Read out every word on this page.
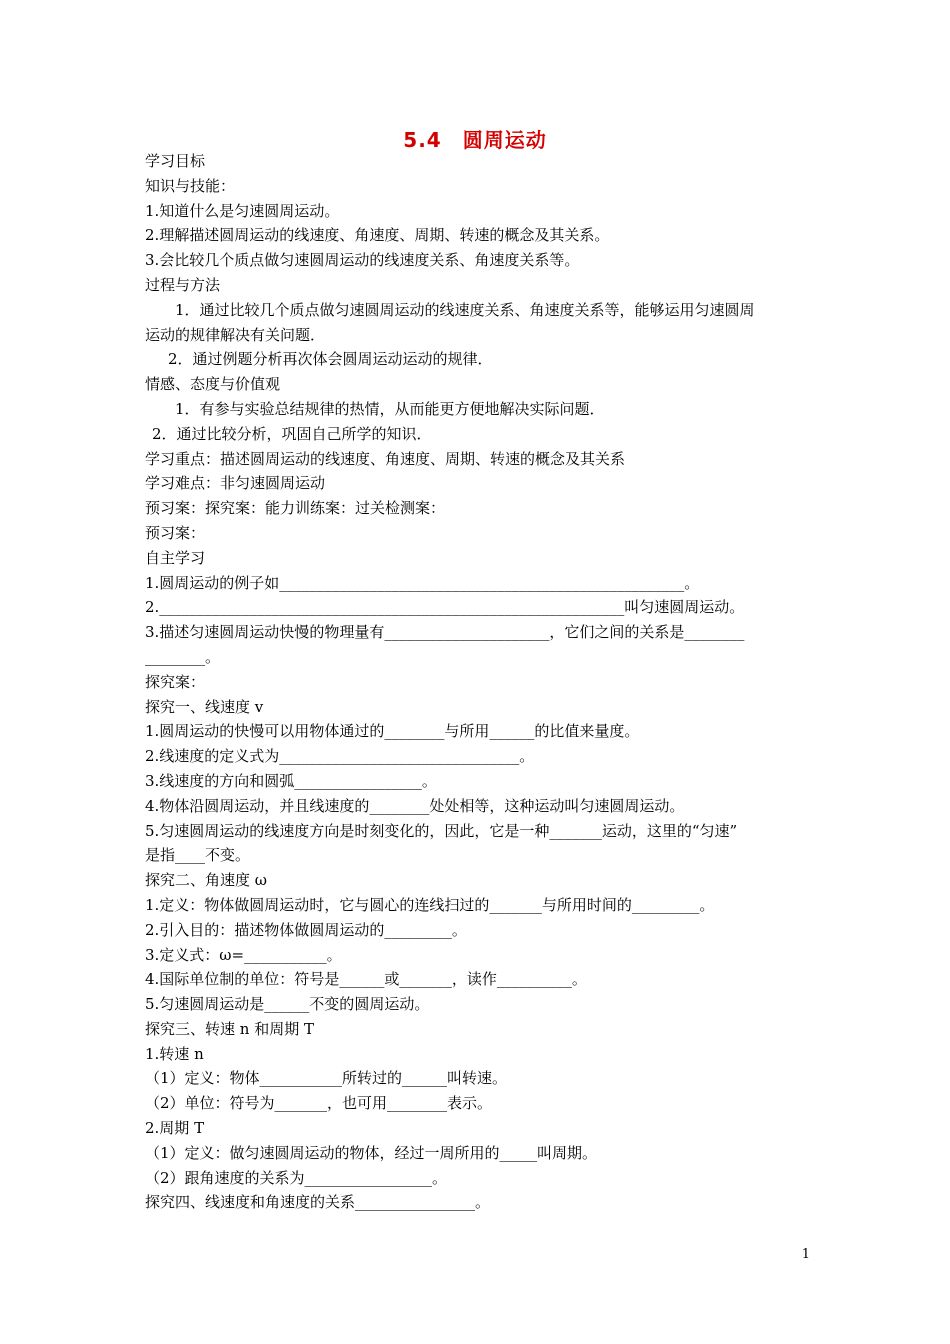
5.4　圆周运动
学习目标
知识与技能：
1.知道什么是匀速圆周运动。
2.理解描述圆周运动的线速度、角速度、周期、转速的概念及其关系。
3.会比较几个质点做匀速圆周运动的线速度关系、角速度关系等。
过程与方法
1．通过比较几个质点做匀速圆周运动的线速度关系、角速度关系等，能够运用匀速圆周
运动的规律解决有关问题．
2．通过例题分析再次体会圆周运动运动的规律．
情感、态度与价值观
1．有参与实验总结规律的热情，从而能更方便地解决实际问题．
2．通过比较分析，巩固自己所学的知识．
学习重点：描述圆周运动的线速度、角速度、周期、转速的概念及其关系
学习难点：非匀速圆周运动
预习案：探究案：能力训练案：过关检测案：
预习案：
自主学习
1.圆周运动的例子如______________________________________________________。
2.______________________________________________________________叫匀速圆周运动。
3.描述匀速圆周运动快慢的物理量有______________________，它们之间的关系是________
________。
探究案：
探究一、线速度 v
1.圆周运动的快慢可以用物体通过的________与所用______的比值来量度。
2.线速度的定义式为________________________________。
3.线速度的方向和圆弧_________________。
4.物体沿圆周运动，并且线速度的________处处相等，这种运动叫匀速圆周运动。
5.匀速圆周运动的线速度方向是时刻变化的，因此，它是一种_______运动，这里的“匀速”
是指____不变。
探究二、角速度 ω
1.定义：物体做圆周运动时，它与圆心的连线扫过的_______与所用时间的_________。
2.引入目的：描述物体做圆周运动的_________。
3.定义式：ω=___________。
4.国际单位制的单位：符号是______或_______，读作__________。
5.匀速圆周运动是______不变的圆周运动。
探究三、转速 n 和周期 T
1.转速 n
（1）定义：物体___________所转过的______叫转速。
（2）单位：符号为_______，也可用________表示。
2.周期 T
（1）定义：做匀速圆周运动的物体，经过一周所用的_____叫周期。
（2）跟角速度的关系为_________________。
探究四、线速度和角速度的关系________________。
1
